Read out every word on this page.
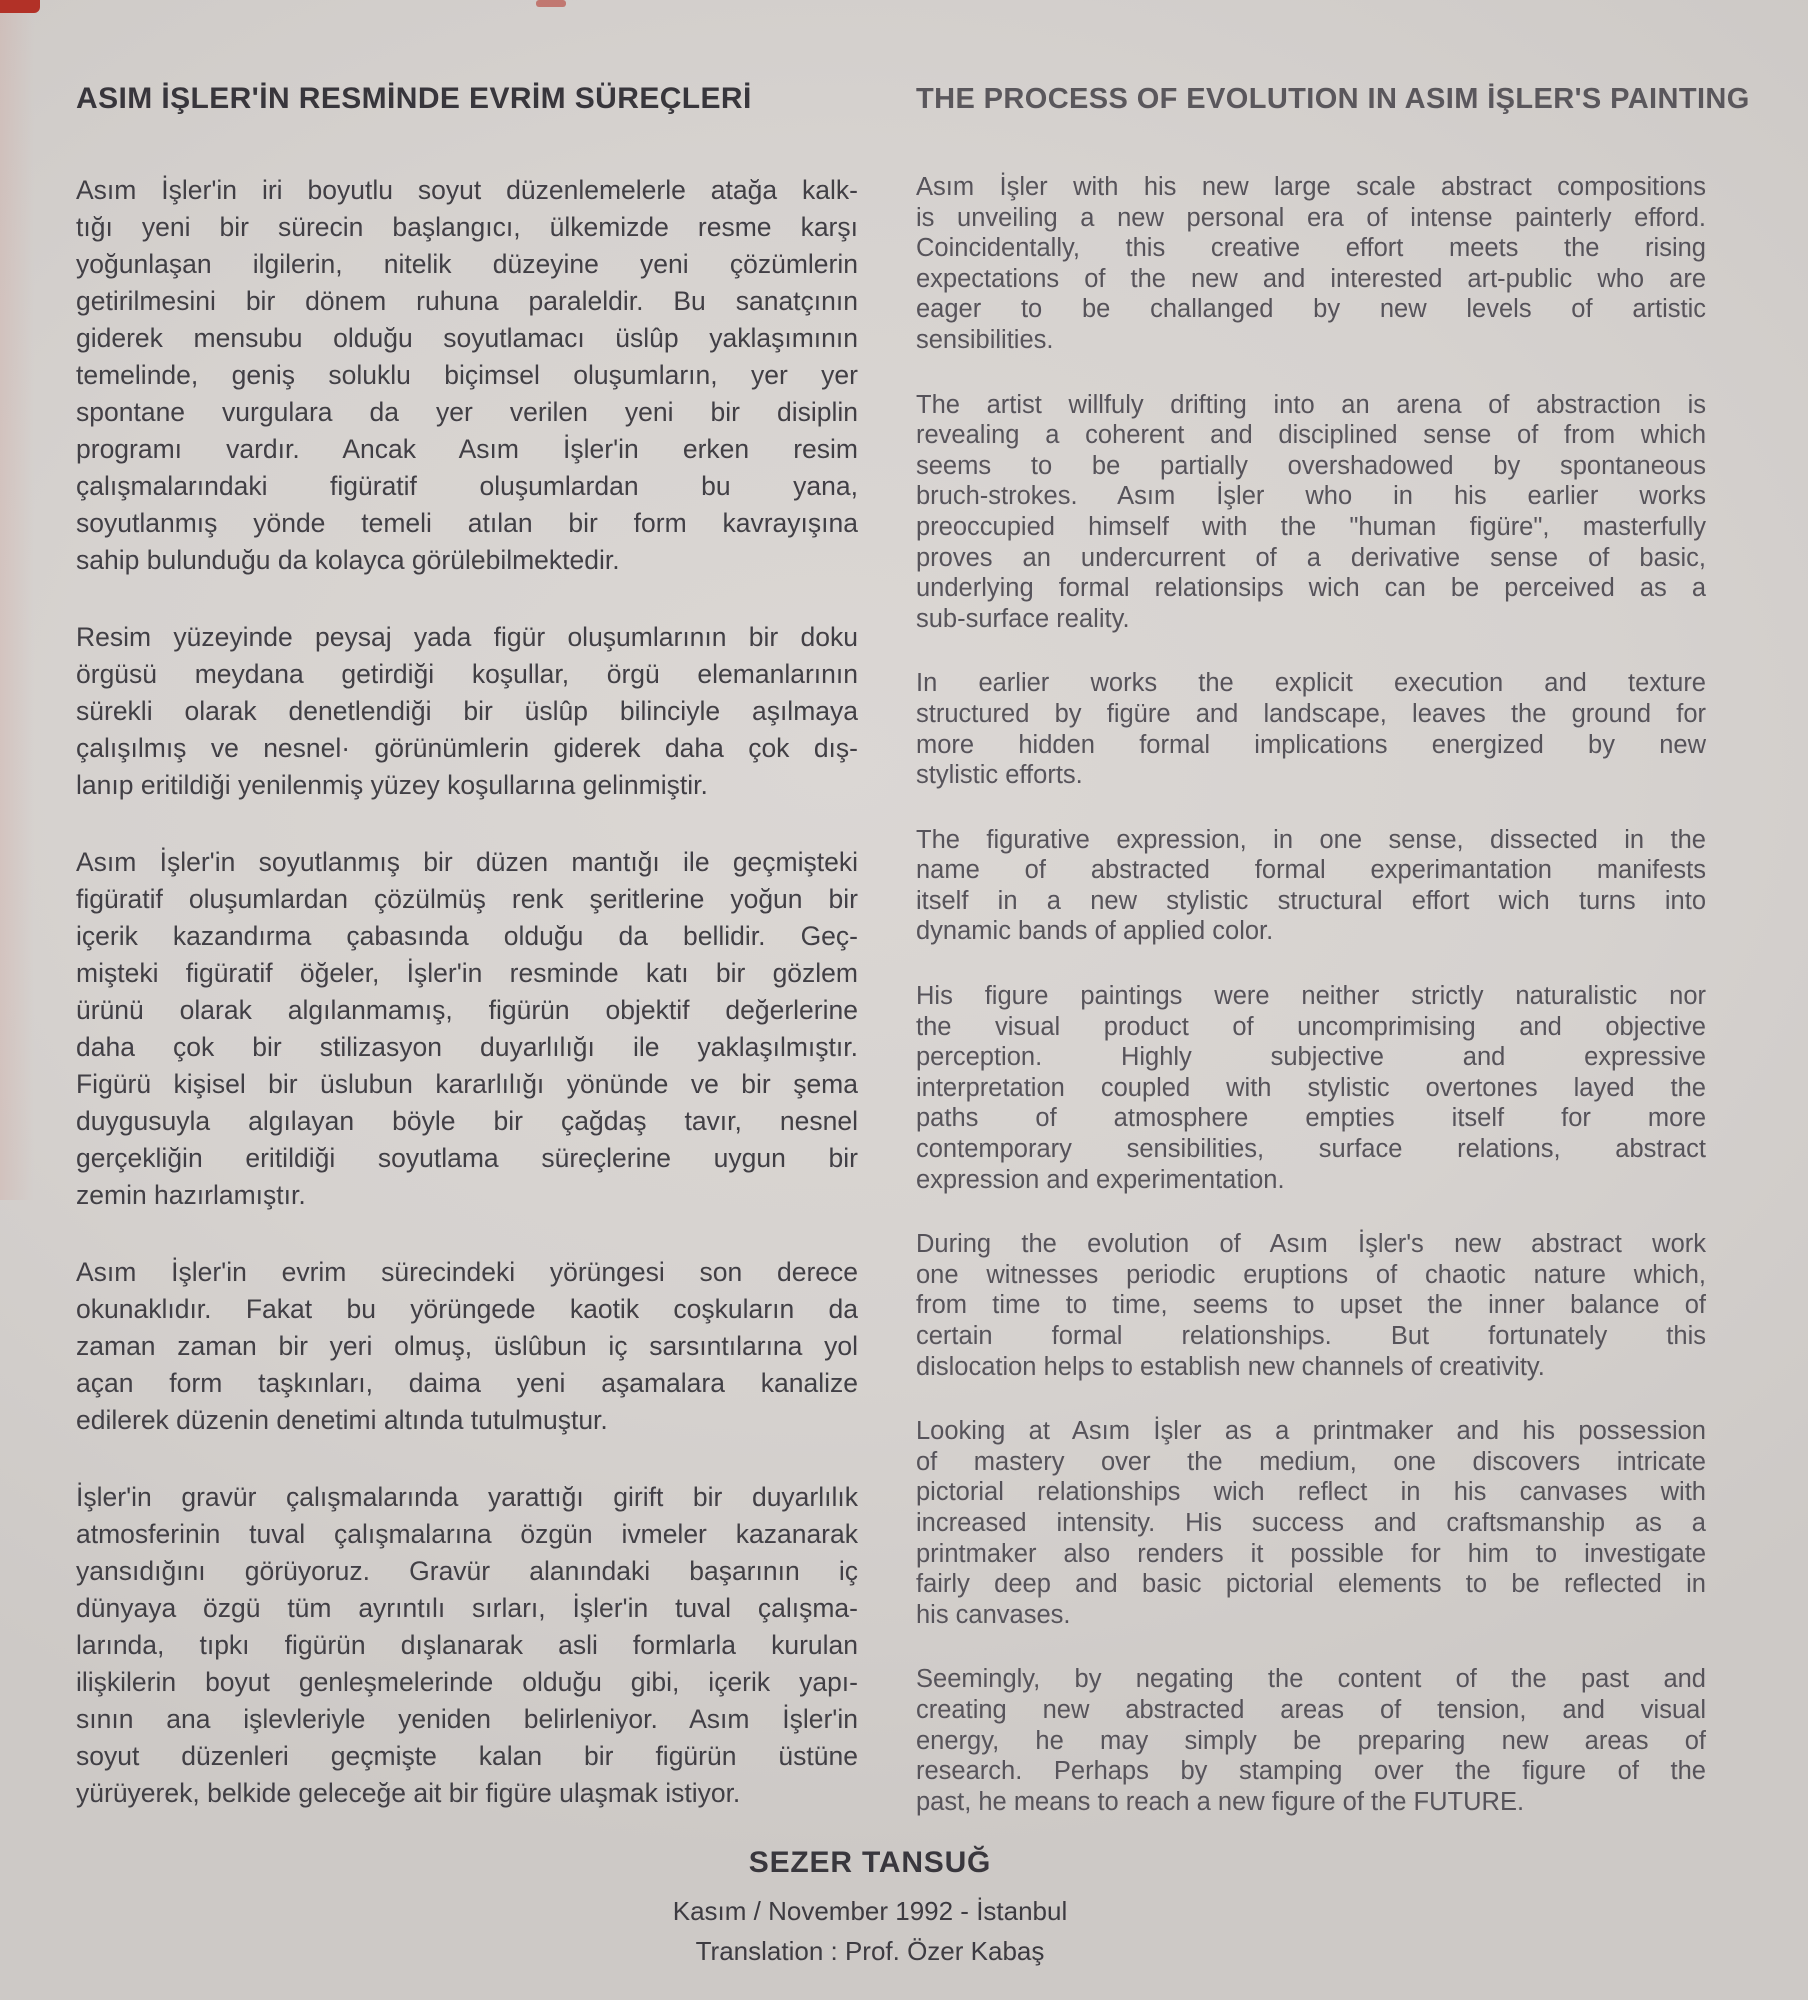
ASIM İŞLER'İN RESMİNDE EVRİM SÜREÇLERİ
Asım İşler'in iri boyutlu soyut düzenlemelerle atağa kalk-
tığı yeni bir sürecin başlangıcı, ülkemizde resme karşı
yoğunlaşan ilgilerin, nitelik düzeyine yeni çözümlerin
getirilmesini bir dönem ruhuna paraleldir. Bu sanatçının
giderek mensubu olduğu soyutlamacı üslûp yaklaşımının
temelinde, geniş soluklu biçimsel oluşumların, yer yer
spontane vurgulara da yer verilen yeni bir disiplin
programı vardır. Ancak Asım İşler'in erken resim
çalışmalarındaki figüratif oluşumlardan bu yana,
soyutlanmış yönde temeli atılan bir form kavrayışına
sahip bulunduğu da kolayca görülebilmektedir.
Resim yüzeyinde peysaj yada figür oluşumlarının bir doku
örgüsü meydana getirdiği koşullar, örgü elemanlarının
sürekli olarak denetlendiği bir üslûp bilinciyle aşılmaya
çalışılmış ve nesnel· görünümlerin giderek daha çok dış-
lanıp eritildiği yenilenmiş yüzey koşullarına gelinmiştir.
Asım İşler'in soyutlanmış bir düzen mantığı ile geçmişteki
figüratif oluşumlardan çözülmüş renk şeritlerine yoğun bir
içerik kazandırma çabasında olduğu da bellidir. Geç-
mişteki figüratif öğeler, İşler'in resminde katı bir gözlem
ürünü olarak algılanmamış, figürün objektif değerlerine
daha çok bir stilizasyon duyarlılığı ile yaklaşılmıştır.
Figürü kişisel bir üslubun kararlılığı yönünde ve bir şema
duygusuyla algılayan böyle bir çağdaş tavır, nesnel
gerçekliğin eritildiği soyutlama süreçlerine uygun bir
zemin hazırlamıştır.
Asım İşler'in evrim sürecindeki yörüngesi son derece
okunaklıdır. Fakat bu yörüngede kaotik coşkuların da
zaman zaman bir yeri olmuş, üslûbun iç sarsıntılarına yol
açan form taşkınları, daima yeni aşamalara kanalize
edilerek düzenin denetimi altında tutulmuştur.
İşler'in gravür çalışmalarında yarattığı girift bir duyarlılık
atmosferinin tuval çalışmalarına özgün ivmeler kazanarak
yansıdığını görüyoruz. Gravür alanındaki başarının iç
dünyaya özgü tüm ayrıntılı sırları, İşler'in tuval çalışma-
larında, tıpkı figürün dışlanarak asli formlarla kurulan
ilişkilerin boyut genleşmelerinde olduğu gibi, içerik yapı-
sının ana işlevleriyle yeniden belirleniyor. Asım İşler'in
soyut düzenleri geçmişte kalan bir figürün üstüne
yürüyerek, belkide geleceğe ait bir figüre ulaşmak istiyor.
THE PROCESS OF EVOLUTION IN ASIM İŞLER'S PAINTING
Asım İşler with his new large scale abstract compositions
is unveiling a new personal era of intense painterly efford.
Coincidentally, this creative effort meets the rising
expectations of the new and interested art-public who are
eager to be challanged by new levels of artistic
sensibilities.
The artist willfuly drifting into an arena of abstraction is
revealing a coherent and disciplined sense of from which
seems to be partially overshadowed by spontaneous
bruch-strokes. Asım İşler who in his earlier works
preoccupied himself with the "human figüre", masterfully
proves an undercurrent of a derivative sense of basic,
underlying formal relationsips wich can be perceived as a
sub-surface reality.
In earlier works the explicit execution and texture
structured by figüre and landscape, leaves the ground for
more hidden formal implications energized by new
stylistic efforts.
The figurative expression, in one sense, dissected in the
name of abstracted formal experimantation manifests
itself in a new stylistic structural effort wich turns into
dynamic bands of applied color.
His figure paintings were neither strictly naturalistic nor
the visual product of uncomprimising and objective
perception. Highly subjective and expressive
interpretation coupled with stylistic overtones layed the
paths of atmosphere empties itself for more
contemporary sensibilities, surface relations, abstract
expression and experimentation.
During the evolution of Asım İşler's new abstract work
one witnesses periodic eruptions of chaotic nature which,
from time to time, seems to upset the inner balance of
certain formal relationships. But fortunately this
dislocation helps to establish new channels of creativity.
Looking at Asım İşler as a printmaker and his possession
of mastery over the medium, one discovers intricate
pictorial relationships wich reflect in his canvases with
increased intensity. His success and craftsmanship as a
printmaker also renders it possible for him to investigate
fairly deep and basic pictorial elements to be reflected in
his canvases.
Seemingly, by negating the content of the past and
creating new abstracted areas of tension, and visual
energy, he may simply be preparing new areas of
research. Perhaps by stamping over the figure of the
past, he means to reach a new figure of the FUTURE.
SEZER TANSUĞ
Kasım / November 1992 - İstanbul
Translation : Prof. Özer Kabaş
